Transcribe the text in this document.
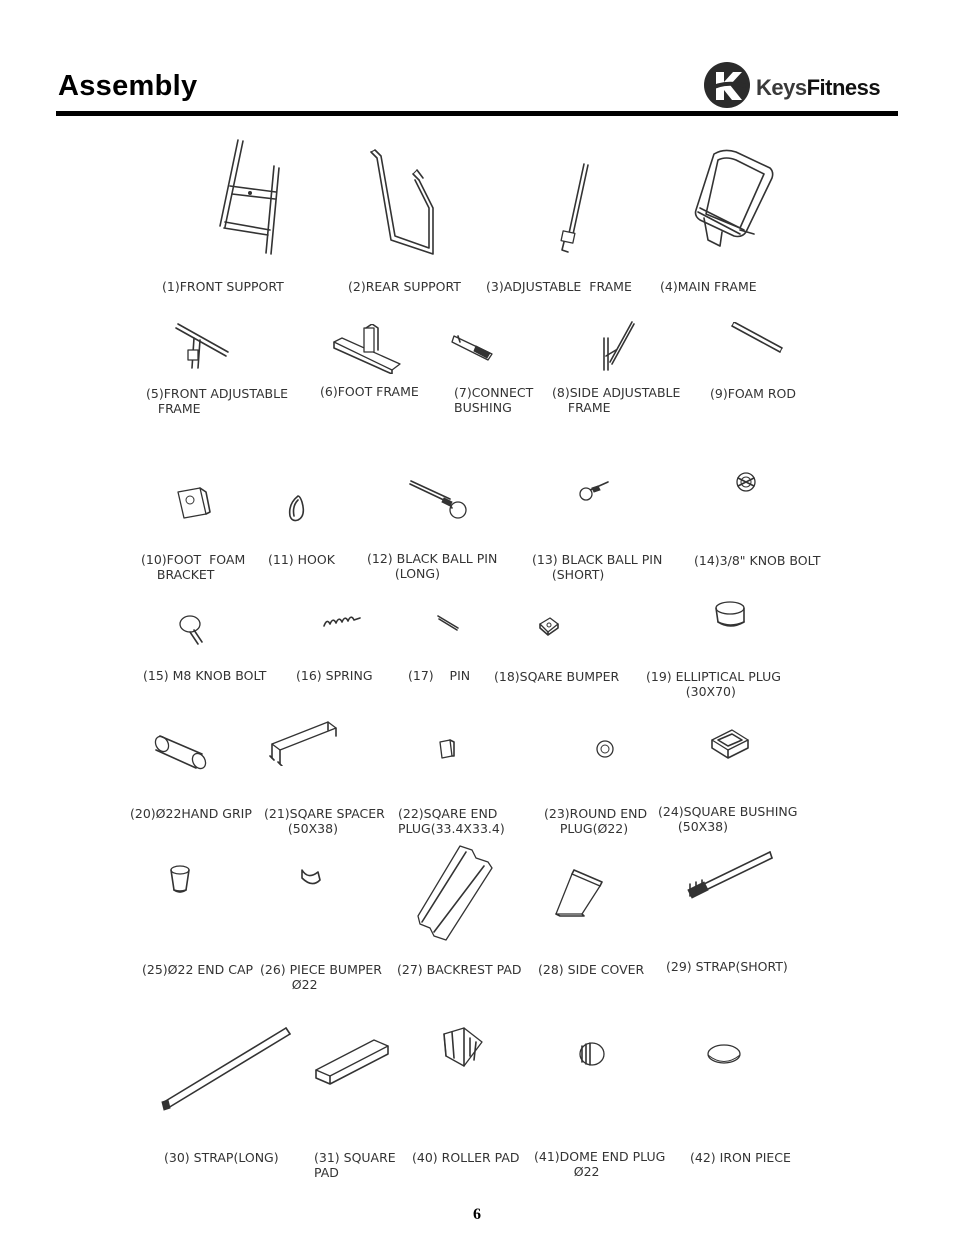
Assembly	KeysFitness
(1)FRONT SUPPORT	(2)REAR SUPPORT (3)ADJUSTABLE  FRAME (4)MAIN FRAME
(5)FRONT ADJUSTABLE
FRAME
(6)FOOT FRAME	(7)CONNECT
BUSHING
(8)SIDE ADJUSTABLE
FRAME
(9)FOAM ROD
(10)FOOT  FOAM
BRACKET
(11) HOOK	(12) BLACK BALL PIN
(LONG)
(13) BLACK BALL PIN
(SHORT)
(14)3/8" KNOB BOLT
(15) M8 KNOB BOLT (16) SPRING	(17)    PIN (18)SQARE BUMPER (19) ELLIPTICAL PLUG
(30X70)
(20)Ø22HAND GRIP (21)SQARE SPACER
(50X38)
(22)SQARE END
PLUG(33.4X33.4)
(23)ROUND END
PLUG(Ø22)
(24)SQUARE BUSHING
(50X38)
(25)Ø22 END CAP (26) PIECE BUMPER
Ø22
(27) BACKREST PAD (28) SIDE COVER (29) STRAP(SHORT)
(30) STRAP(LONG)	(31) SQUARE
PAD
(40) ROLLER PAD (41)DOME END PLUG
Ø22
(42) IRON PIECE
6
